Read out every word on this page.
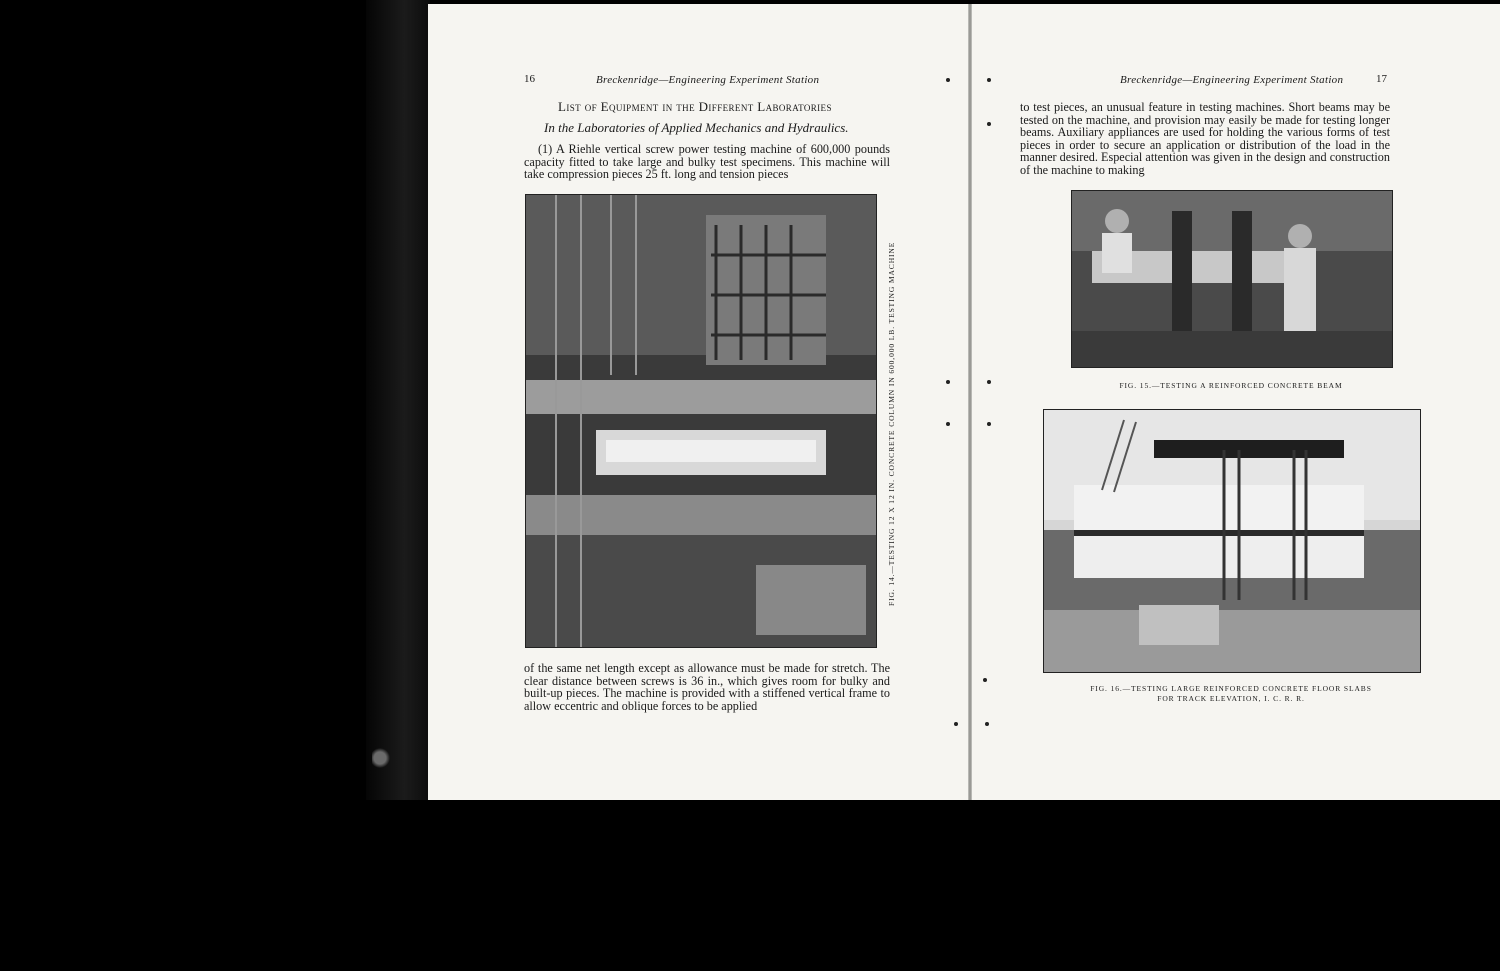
16	Breckenridge—Engineering Experiment Station
List of Equipment in the Different Laboratories
In the Laboratories of Applied Mechanics and Hydraulics.

(1) A Riehle vertical screw power testing machine of 600,000 pounds capacity fitted to take large and bulky test specimens. This machine will take compression pieces 25 ft. long and tension pieces

FIG. 14.—TESTING 12 X 12 IN. CONCRETE COLUMN IN 600,000 LB. TESTING MACHINE

of the same net length except as allowance must be made for stretch. The clear distance between screws is 36 in., which gives room for bulky and built-up pieces. The machine is provided with a stiffened vertical frame to allow eccentric and oblique forces to be applied

Breckenridge—Engineering Experiment Station	17

to test pieces, an unusual feature in testing machines. Short beams may be tested on the machine, and provision may easily be made for testing longer beams. Auxiliary appliances are used for holding the various forms of test pieces in order to secure an application or distribution of the load in the manner desired. Especial attention was given in the design and construction of the machine to making

FIG. 15.—TESTING A REINFORCED CONCRETE BEAM
FIG. 16.—TESTING LARGE REINFORCED CONCRETE FLOOR SLABS
FOR TRACK ELEVATION, I. C. R. R.
